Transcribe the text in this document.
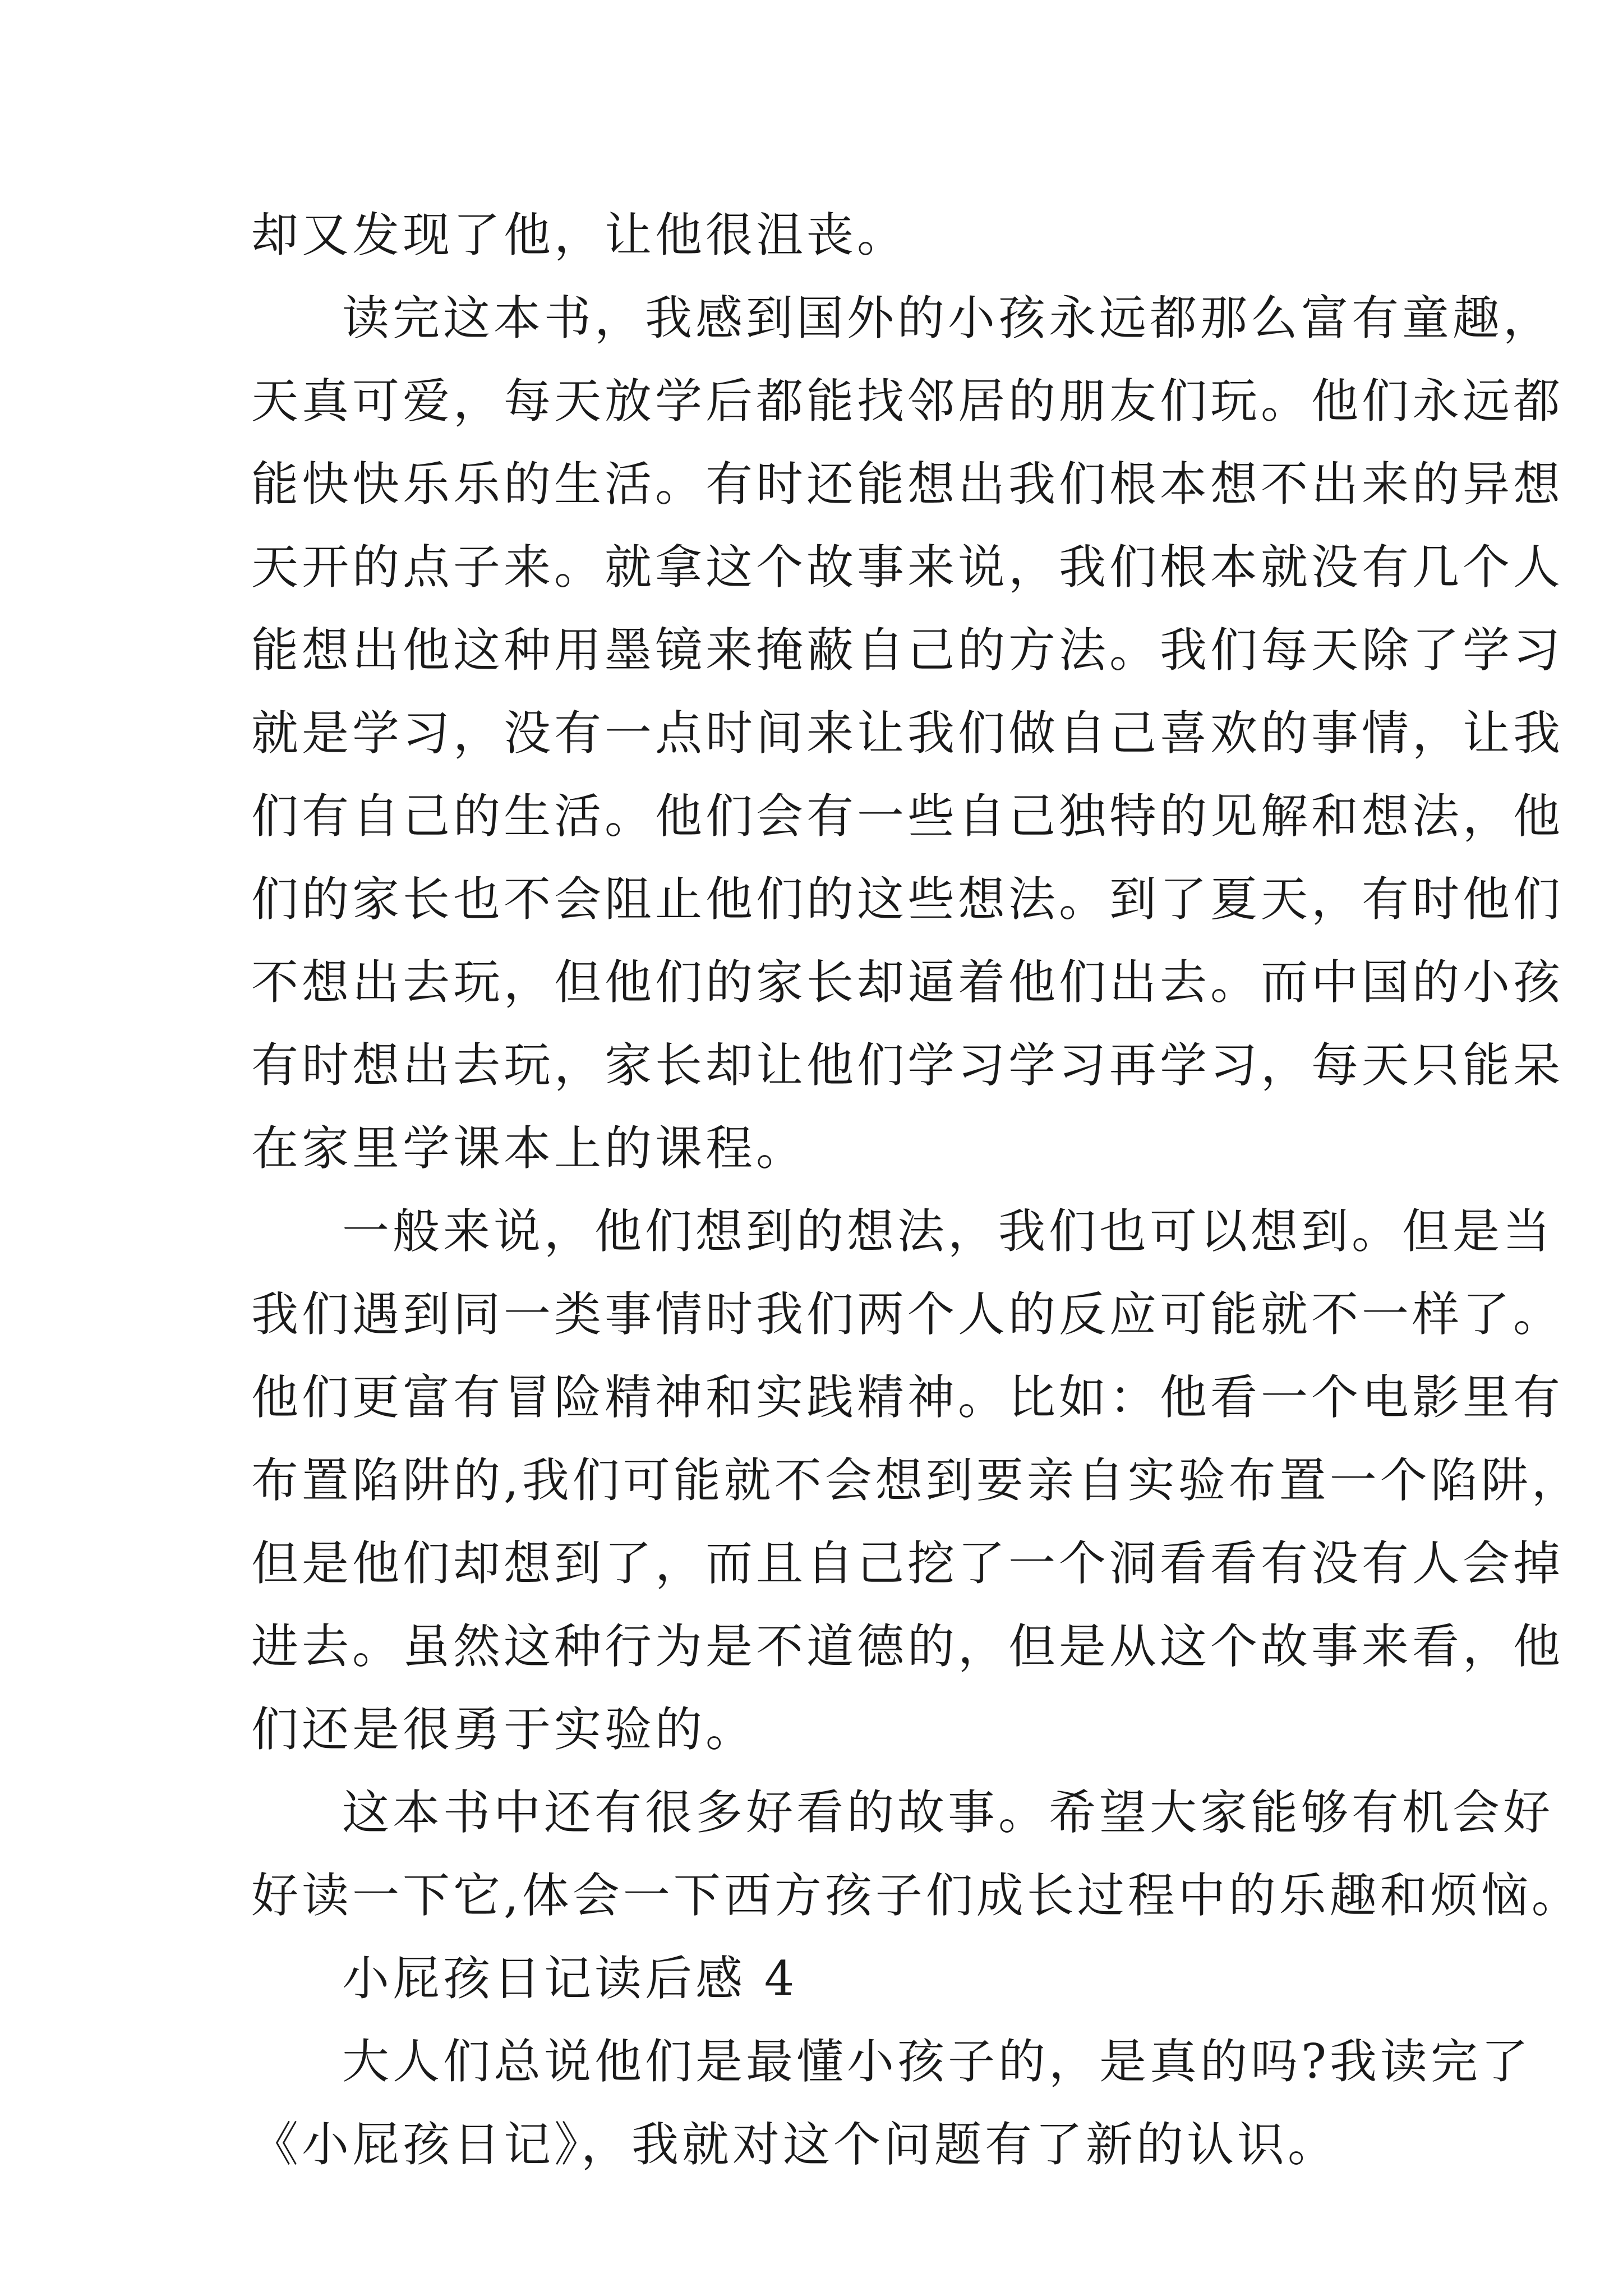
却又发现了他，让他很沮丧。
读完这本书，我感到国外的小孩永远都那么富有童趣，
天真可爱，每天放学后都能找邻居的朋友们玩。他们永远都
能快快乐乐的生活。有时还能想出我们根本想不出来的异想
天开的点子来。就拿这个故事来说，我们根本就没有几个人
能想出他这种用墨镜来掩蔽自己的方法。我们每天除了学习
就是学习，没有一点时间来让我们做自己喜欢的事情，让我
们有自己的生活。他们会有一些自己独特的见解和想法，他
们的家长也不会阻止他们的这些想法。到了夏天，有时他们
不想出去玩，但他们的家长却逼着他们出去。而中国的小孩
有时想出去玩，家长却让他们学习学习再学习，每天只能呆
在家里学课本上的课程。
一般来说，他们想到的想法，我们也可以想到。但是当
我们遇到同一类事情时我们两个人的反应可能就不一样了。
他们更富有冒险精神和实践精神。比如：他看一个电影里有
布置陷阱的,我们可能就不会想到要亲自实验布置一个陷阱，
但是他们却想到了，而且自己挖了一个洞看看有没有人会掉
进去。虽然这种行为是不道德的，但是从这个故事来看，他
们还是很勇于实验的。
这本书中还有很多好看的故事。希望大家能够有机会好
好读一下它,体会一下西方孩子们成长过程中的乐趣和烦恼。
小屁孩日记读后感 4
大人们总说他们是最懂小孩子的，是真的吗?我读完了
《小屁孩日记》，我就对这个问题有了新的认识。
